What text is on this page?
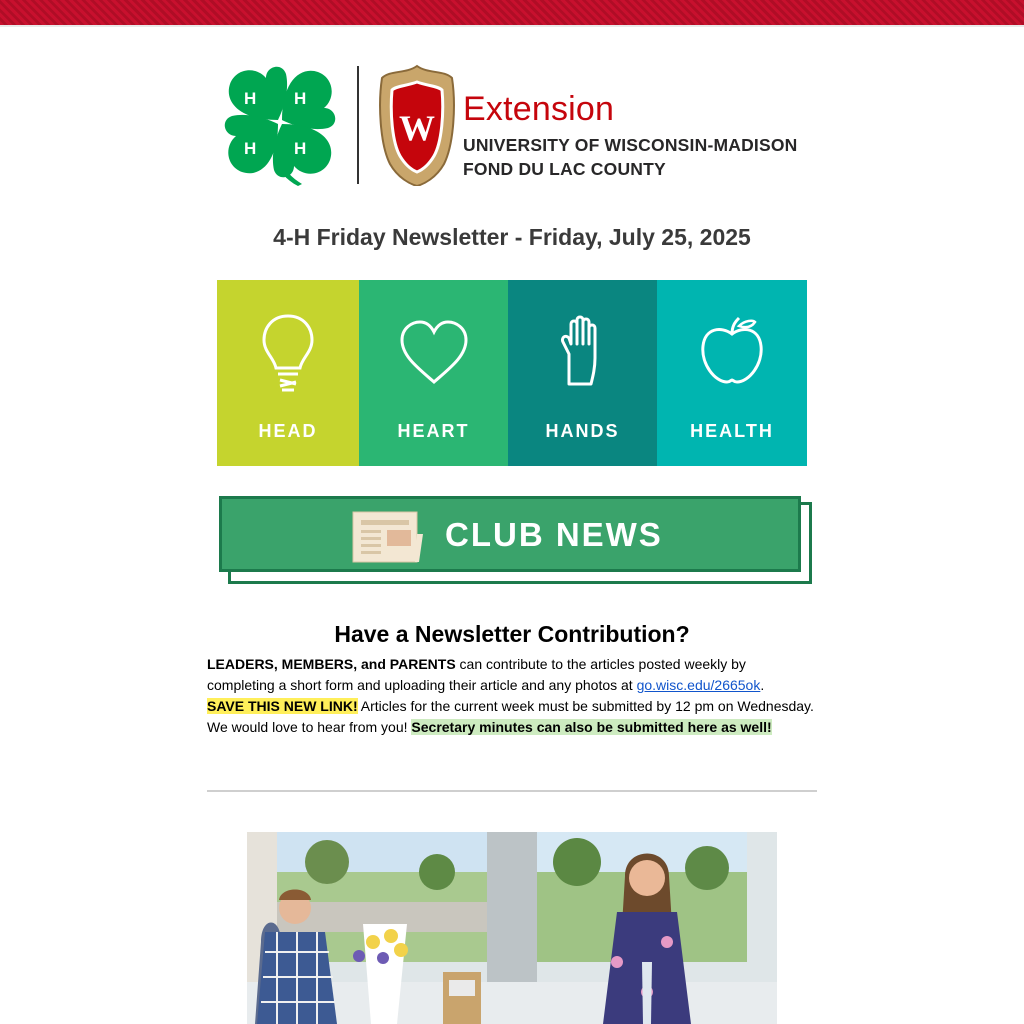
H H
H
H
W Extension
UNIVERSITY OF WISCONSIN-MADISON
FOND DU LAC COUNTY
4-H Friday Newsletter - Friday, July 25, 2025
HEAD	HEART	HANDS	HEALTH
CLUB NEWS
Have a Newsletter Contribution?
LEADERS, MEMBERS, and PARENTS can contribute to the articles posted weekly by completing a short form and uploading their article and any photos at go.wisc.edu/2665ok.
SAVE THIS NEW LINK! Articles for the current week must be submitted by 12 pm on Wednesday. We would love to hear from you! Secretary minutes can also be submitted here as well!
